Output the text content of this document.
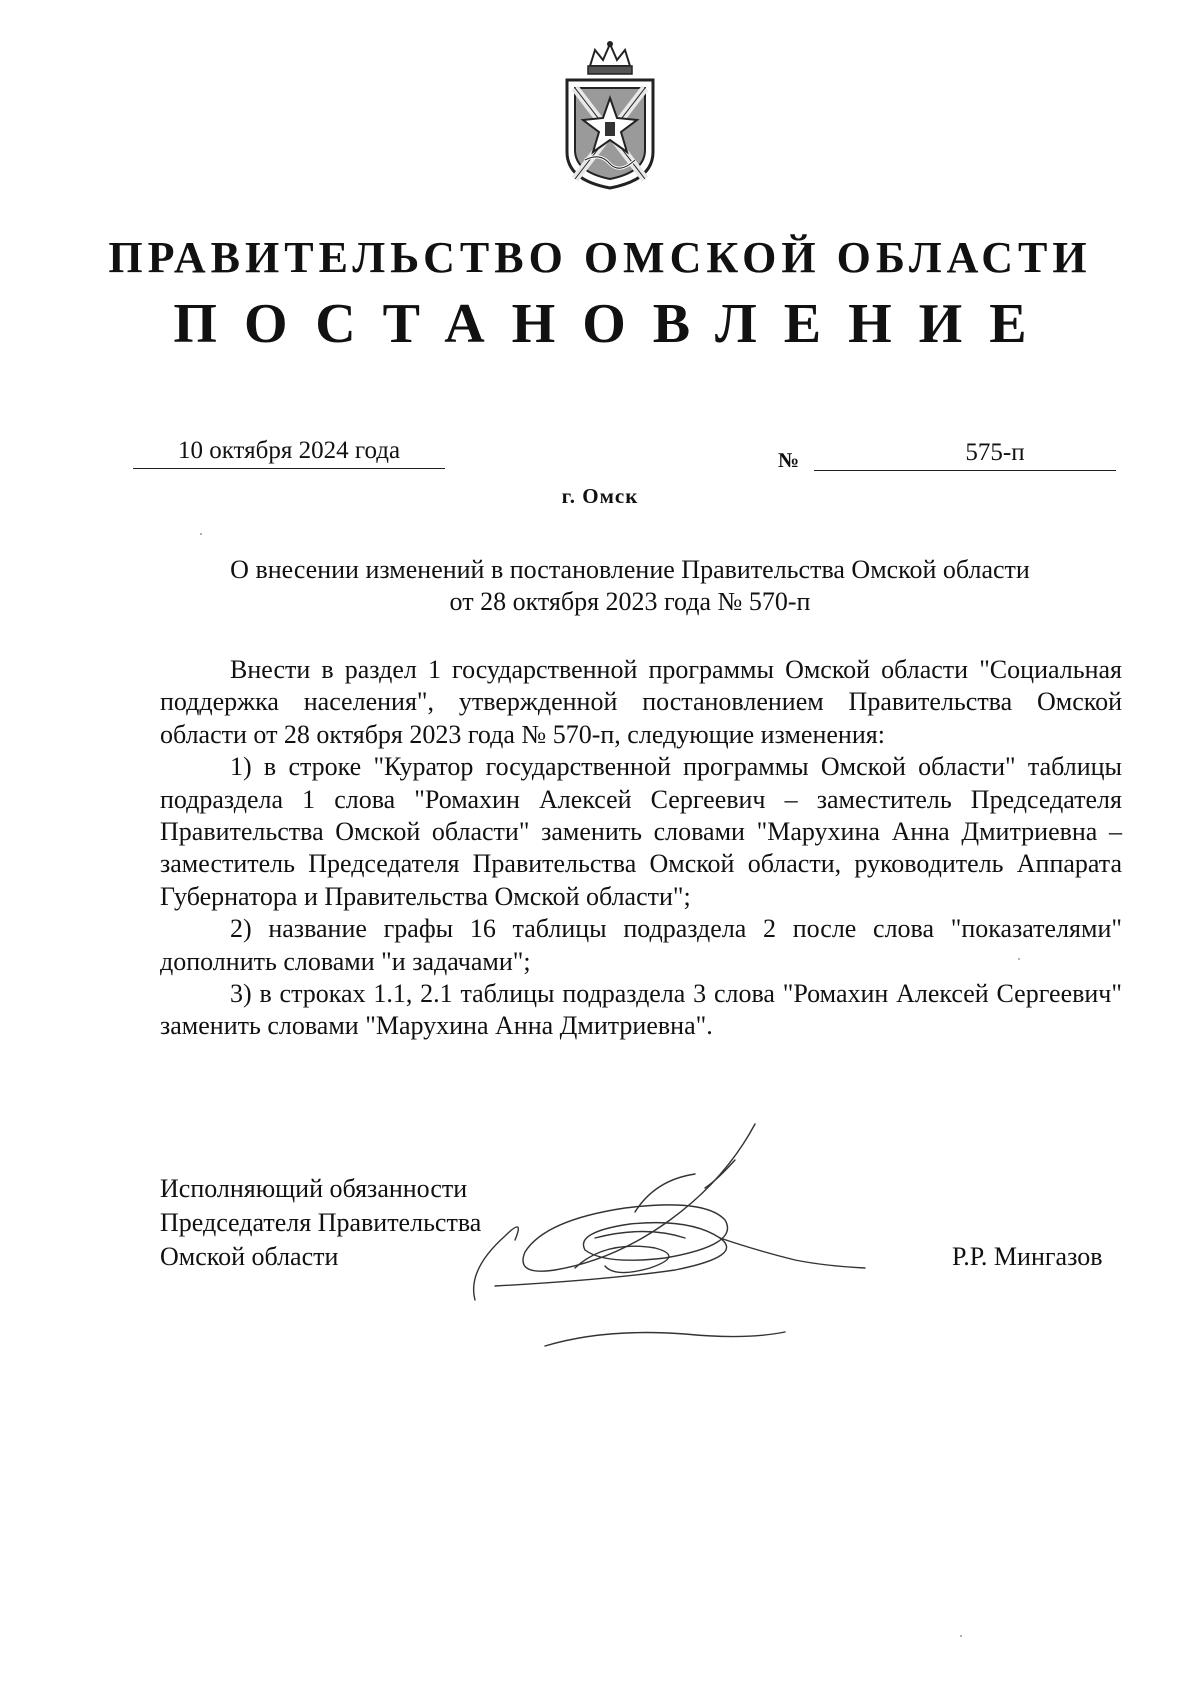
ПРАВИТЕЛЬСТВО ОМСКОЙ ОБЛАСТИ
ПОСТАНОВЛЕНИЕ
10 октября 2024 года	№	575-п
г. Омск
О внесении изменений в постановление Правительства Омской области
от 28 октября 2023 года № 570-п

Внести в раздел 1 государственной программы Омской области "Социальная поддержка населения", утвержденной постановлением Правительства Омской области от 28 октября 2023 года № 570-п, следующие изменения:

1) в строке "Куратор государственной программы Омской области" таблицы подраздела 1 слова "Ромахин Алексей Сергеевич – заместитель Председателя Правительства Омской области" заменить словами "Марухина Анна Дмитриевна – заместитель Председателя Правительства Омской области, руководитель Аппарата Губернатора и Правительства Омской области";

2) название графы 16 таблицы подраздела 2 после слова "показателями" дополнить словами "и задачами";

3) в строках 1.1, 2.1 таблицы подраздела 3 слова "Ромахин Алексей Сергеевич" заменить словами "Марухина Анна Дмитриевна".

Исполняющий обязанности
Председателя Правительства
Омской области	Р.Р. Мингазов
